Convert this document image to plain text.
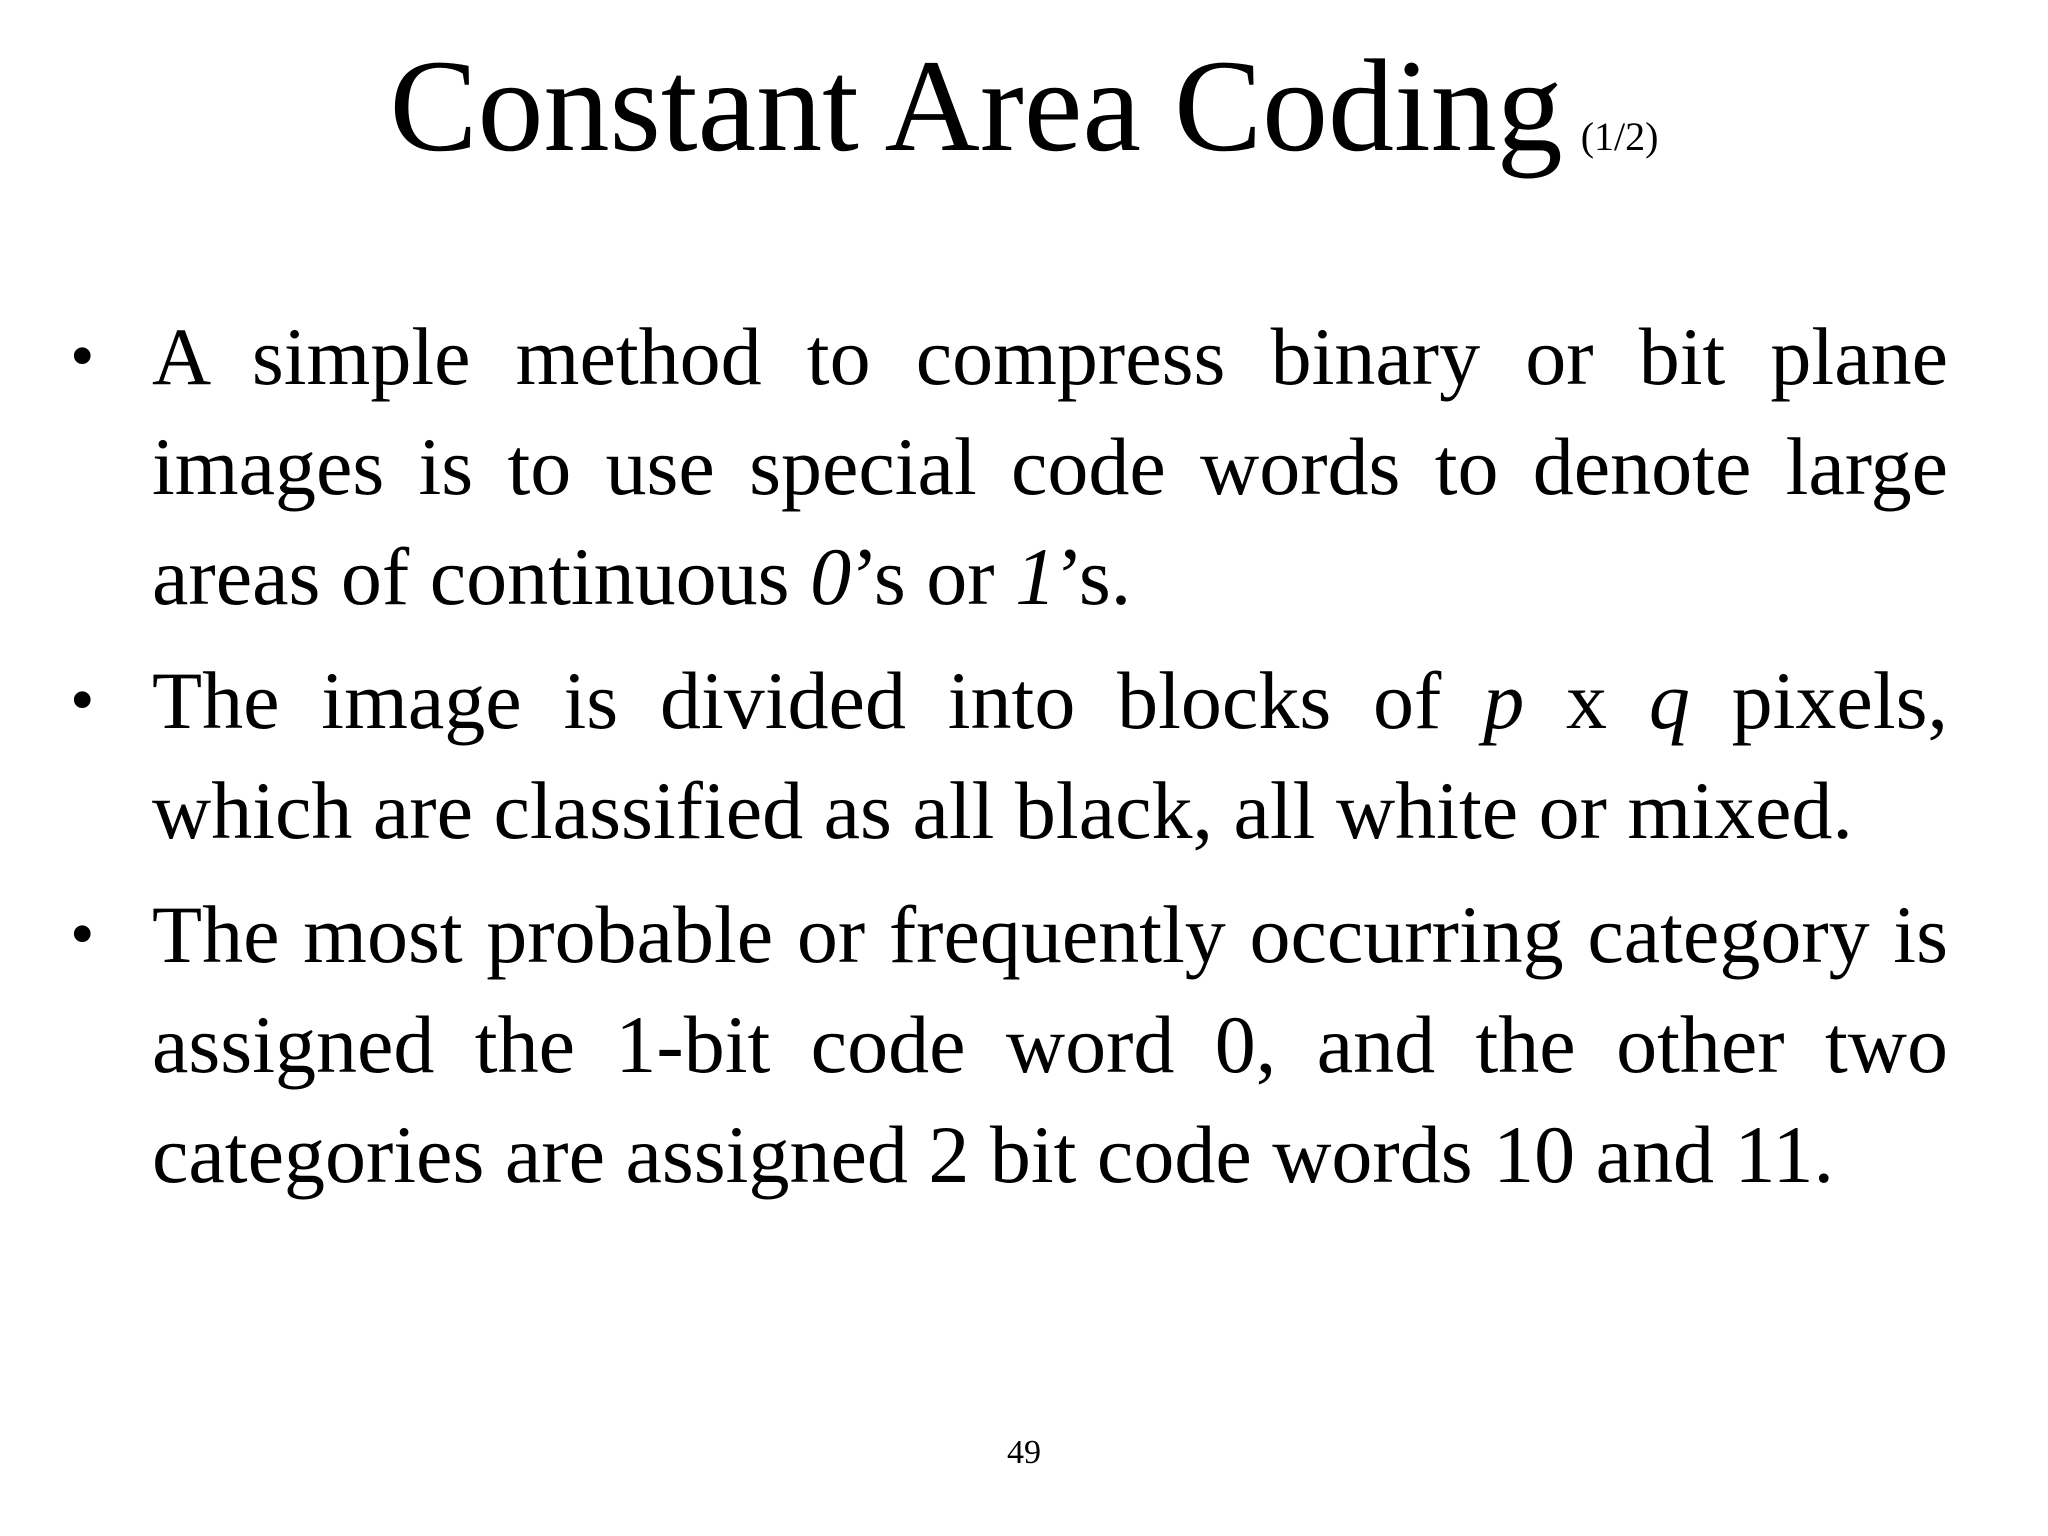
Constant Area Coding (1/2)
• A simple method to compress binary or bit plane images is to use special code words to denote large areas of continuous 0’s or 1’s.
• The image is divided into blocks of p x q pixels, which are classified as all black, all white or mixed.
• The most probable or frequently occurring category is assigned the 1-bit code word 0, and the other two categories are assigned 2 bit code words 10 and 11.
49
